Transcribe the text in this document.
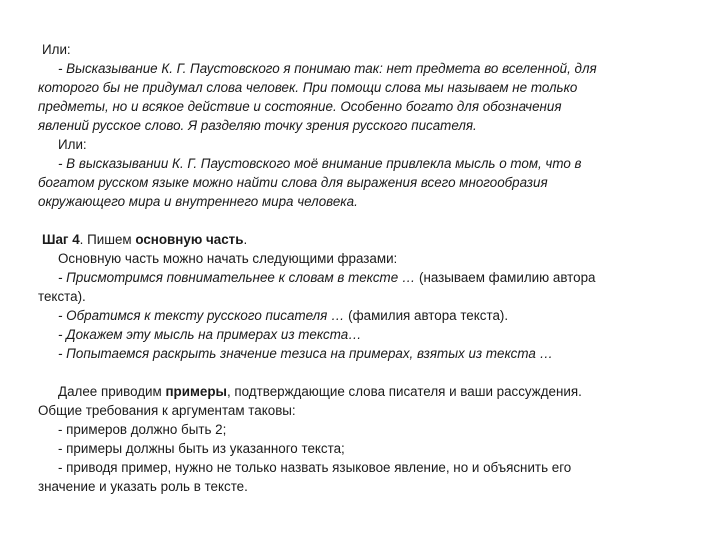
Или:
- Высказывание К. Г. Паустовского я понимаю так: нет предмета во вселенной, для
которого бы не придумал слова человек. При помощи слова мы называем не только
предметы, но и всякое действие и состояние. Особенно богато для обозначения
явлений русское слово. Я разделяю точку зрения русского писателя.
Или:
- В высказывании К. Г. Паустовского моё внимание привлекла мысль о том, что в
богатом русском языке можно найти слова для выражения всего многообразия
окружающего мира и внутреннего мира человека.
Шаг 4. Пишем основную часть.
Основную часть можно начать следующими фразами:
- Присмотримся повнимательнее к словам в тексте … (называем фамилию автора
текста).
- Обратимся к тексту русского писателя … (фамилия автора текста).
- Докажем эту мысль на примерах из текста…
- Попытаемся раскрыть значение тезиса на примерах, взятых из текста …
Далее приводим примеры, подтверждающие слова писателя и ваши рассуждения.
Общие требования к аргументам таковы:
- примеров должно быть 2;
- примеры должны быть из указанного текста;
- приводя пример, нужно не только назвать языковое явление, но и объяснить его
значение и указать роль в тексте.
